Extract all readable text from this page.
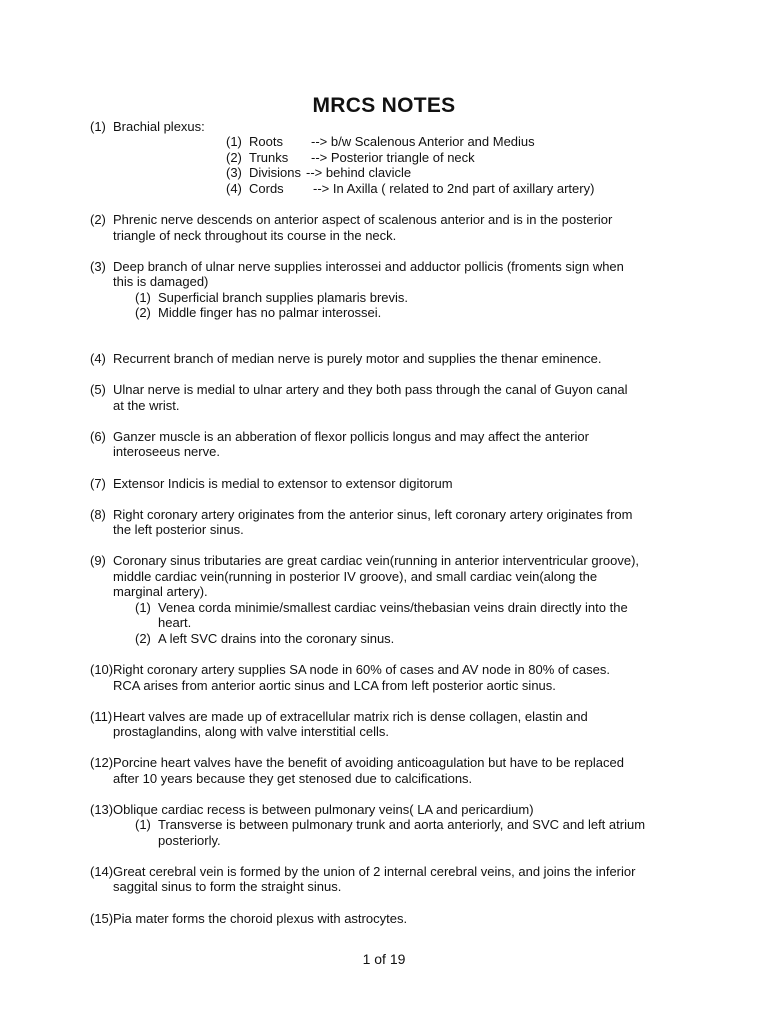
MRCS NOTES
(1) Brachial plexus:
(1) Roots --> b/w Scalenous Anterior and Medius
(2) Trunks --> Posterior triangle of neck
(3) Divisions --> behind clavicle
(4) Cords --> In Axilla ( related to 2nd part of axillary artery)
(2) Phrenic nerve descends on anterior aspect of scalenous anterior and is in the posterior
triangle of neck throughout its course in the neck.
(3) Deep branch of ulnar nerve supplies interossei and adductor pollicis (froments sign when
this is damaged)
(1) Superficial branch supplies plamaris brevis.
(2) Middle finger has no palmar interossei.
(4) Recurrent branch of median nerve is purely motor and supplies the thenar eminence.
(5) Ulnar nerve is medial to ulnar artery and they both pass through the canal of Guyon canal
at the wrist.
(6) Ganzer muscle is an abberation of flexor pollicis longus and may affect the anterior
interoseeus nerve.
(7) Extensor Indicis is medial to extensor to extensor digitorum
(8) Right coronary artery originates from the anterior sinus, left coronary artery originates from
the left posterior sinus.
(9) Coronary sinus tributaries are great cardiac vein(running in anterior interventricular groove),
middle cardiac vein(running in posterior IV groove), and small cardiac vein(along the
marginal artery).
(1) Venea corda minimie/smallest cardiac veins/thebasian veins drain directly into the
heart.
(2) A left SVC drains into the coronary sinus.
(10) Right coronary artery supplies SA node in 60% of cases and AV node in 80% of cases.
RCA arises from anterior aortic sinus and LCA from left posterior aortic sinus.
(11) Heart valves are made up of extracellular matrix rich is dense collagen, elastin and
prostaglandins, along with valve interstitial cells.
(12) Porcine heart valves have the benefit of avoiding anticoagulation but have to be replaced
after 10 years because they get stenosed due to calcifications.
(13) Oblique cardiac recess is between pulmonary veins( LA and pericardium)
(1) Transverse is between pulmonary trunk and aorta anteriorly, and SVC and left atrium
posteriorly.
(14) Great cerebral vein is formed by the union of 2 internal cerebral veins, and joins the inferior
saggital sinus to form the straight sinus.
(15) Pia mater forms the choroid plexus with astrocytes.
1 of 19
